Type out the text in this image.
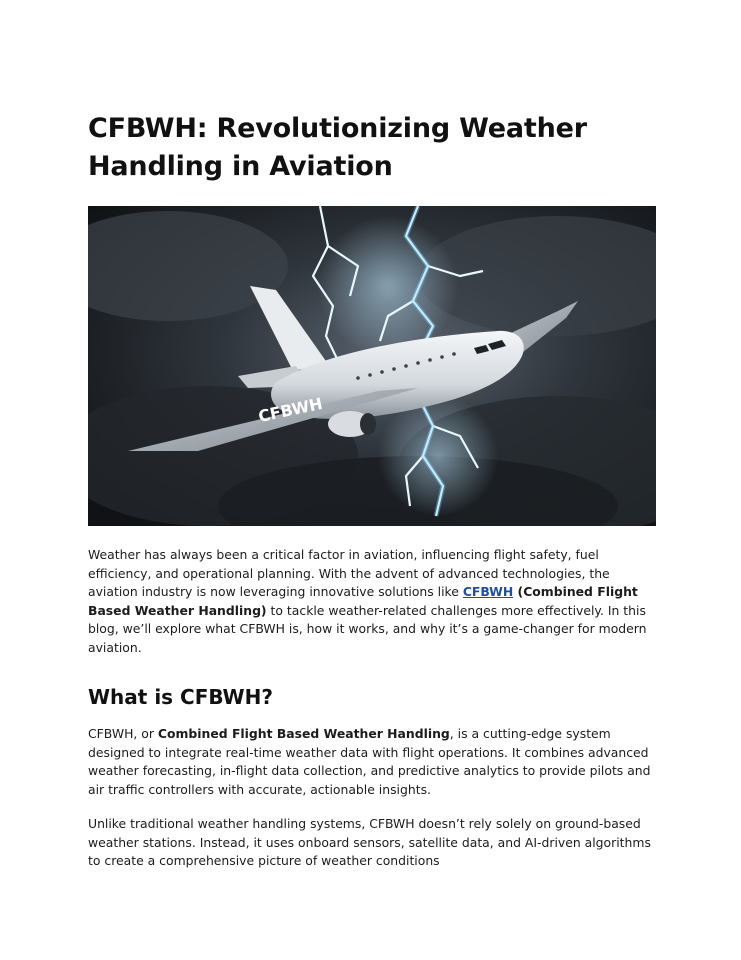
CFBWH: Revolutionizing Weather Handling in Aviation
CFBWH

Weather has always been a critical factor in aviation, influencing flight safety, fuel efficiency, and operational planning. With the advent of advanced technologies, the aviation industry is now leveraging innovative solutions like CFBWH (Combined Flight Based Weather Handling) to tackle weather-related challenges more effectively. In this blog, we’ll explore what CFBWH is, how it works, and why it’s a game-changer for modern aviation.

What is CFBWH?

CFBWH, or Combined Flight Based Weather Handling, is a cutting-edge system designed to integrate real-time weather data with flight operations. It combines advanced weather forecasting, in-flight data collection, and predictive analytics to provide pilots and air traffic controllers with accurate, actionable insights.

Unlike traditional weather handling systems, CFBWH doesn’t rely solely on ground-based weather stations. Instead, it uses onboard sensors, satellite data, and AI-driven algorithms to create a comprehensive picture of weather conditions
